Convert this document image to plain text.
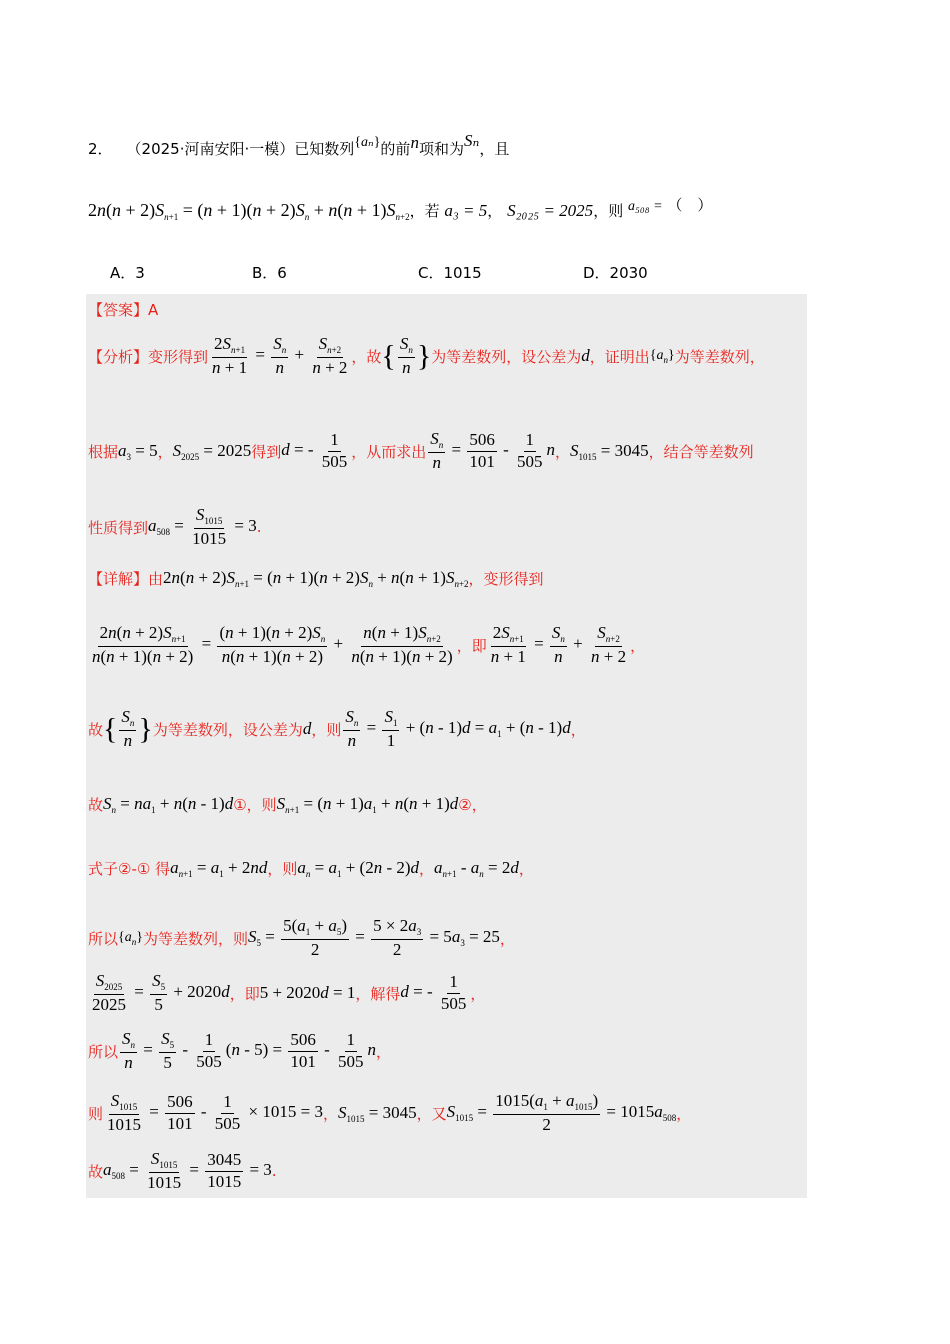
2． （2025·河南安阳·一模）已知数列{aₙ}的前n项和为Sₙ，且
$2n(n + 2)S_{n+1} = (n + 1)(n + 2)S_n + n(n + 1)S_{n+2}$，若 a₃ = 5， S₂₀₂₅ = 2025，则 a₅₀₈ = （　）
A．3	B．6	C．1015	D．2030
【答案】A
【分析】 变形得到 $\frac{2S_{n+1}}{n + 1} = \frac{S_n}{n} + \frac{S_{n+2}}{n + 2}$ ，故 { $\frac{S_n}{n}$ } 为等差数列，设公差为 d ，证明出 $\{a_n\}$ 为等差数列，
根据 $a_3 = 5$ ， $S_{2025} = 2025$ 得到 d = - $\frac{1}{505}$ ，从而求出 $\frac{S_n}{n} = \frac{506}{101} - \frac{1}{505}$ n ， $S_{1015} = 3045$ ， 结合等差数列
性质得到 $a_{508} = \frac{S_{1015}}{1015} = 3$ .
【详解】 由 $2n(n + 2)S_{n+1} = (n + 1)(n + 2)S_n + n(n + 1)S_{n+2}$ ，变形得到
$\frac{2n(n + 2)S_{n+1}}{n(n + 1)(n + 2)} = \frac{(n + 1)(n + 2)S_n}{n(n + 1)(n + 2)} + \frac{n(n + 1)S_{n+2}}{n(n + 1)(n + 2)}$ ，即 $\frac{2S_{n+1}}{n + 1} = \frac{S_n}{n} + \frac{S_{n+2}}{n + 2}$ ，
故 { $\frac{S_n}{n}$ } 为等差数列，设公差为 d ，则 $\frac{S_n}{n} = \frac{S_1}{1} + (n - 1)d = a_1 + (n - 1)d$ ，
故 $S_n = na_1 + n(n - 1)d$ ①，则 $S_{n+1} = (n + 1)a_1 + n(n + 1)d$ ②，
式子②-① 得 $a_{n+1} = a_1 + 2nd$ ，则 $a_n = a_1 + (2n - 2)d$ ， $a_{n+1} - a_n = 2d$ ，
所以 $\{a_n\}$ 为等差数列，则 $S_5 = \frac{5(a_1 + a_5)}{2} = \frac{5 \times 2a_3}{2} = 5a_3 = 25$ ，
$\frac{S_{2025}}{2025} = \frac{S_5}{5} + 2020d$ ，即 5 + 2020d = 1 ，解得 d = - $\frac{1}{505}$ ，
所以 $\frac{S_n}{n} = \frac{S_5}{5} - \frac{1}{505} (n - 5) = \frac{506}{101} - \frac{1}{505}$ n ，
则 $\frac{S_{1015}}{1015} = \frac{506}{101} - \frac{1}{505} \times 1015 = 3$ ， $S_{1015} = 3045$ ，又 $S_{1015} = \frac{1015(a_1 + a_{1015})}{2} = 1015a_{508}$ ，
故 $a_{508} = \frac{S_{1015}}{1015} = \frac{3045}{1015} = 3$ .
